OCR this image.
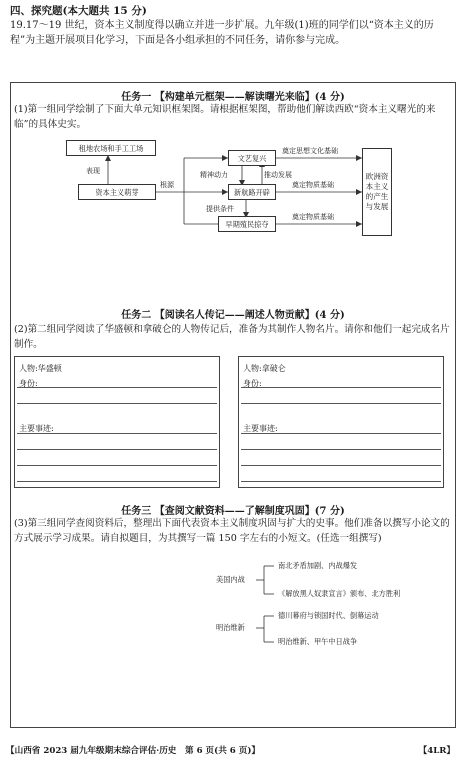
四、探究题(本大题共 15 分)
19.17～19 世纪，资本主义制度得以确立并进一步扩展。九年级(1)班的同学们以“资本主义的历程”为主题开展项目化学习，下面是各小组承担的不同任务，请你参与完成。
任务一 【构建单元框架——解读曙光来临】(4 分)
(1)第一组同学绘制了下面大单元知识框架图。请根据框架图，帮助他们解读西欧“资本主义曙光的来临”的具体史实。
租地农场和手工工场
资本主义萌芽
文艺复兴
新航路开辟
早期殖民掠夺
欧洲资本主义的产生与发展
表现
根源
精神动力	推动发展
提供条件
奠定思想文化基础
奠定物质基础
奠定物质基础
任务二 【阅读名人传记——阐述人物贡献】(4 分)
(2)第二组同学阅读了华盛顿和拿破仑的人物传记后，准备为其制作人物名片。请你和他们一起完成名片制作。
人物:华盛顿
身份:
主要事迹:
人物:拿破仑
身份:
主要事迹:
任务三 【查阅文献资料——了解制度巩固】(7 分)
(3)第三组同学查阅资料后，整理出下面代表资本主义制度巩固与扩大的史事。他们准备以撰写小论文的方式展示学习成果。请自拟题目，为其撰写一篇 150 字左右的小短文。(任选一组撰写)
美国内战
南北矛盾加剧、内战爆发
《解放黑人奴隶宣言》颁布、北方胜利
明治维新
德川幕府与锁国时代、倒幕运动
明治维新、甲午中日战争
【山西省 2023 届九年级期末综合评估·历史　第 6 页(共 6 页)】	【4LR】
